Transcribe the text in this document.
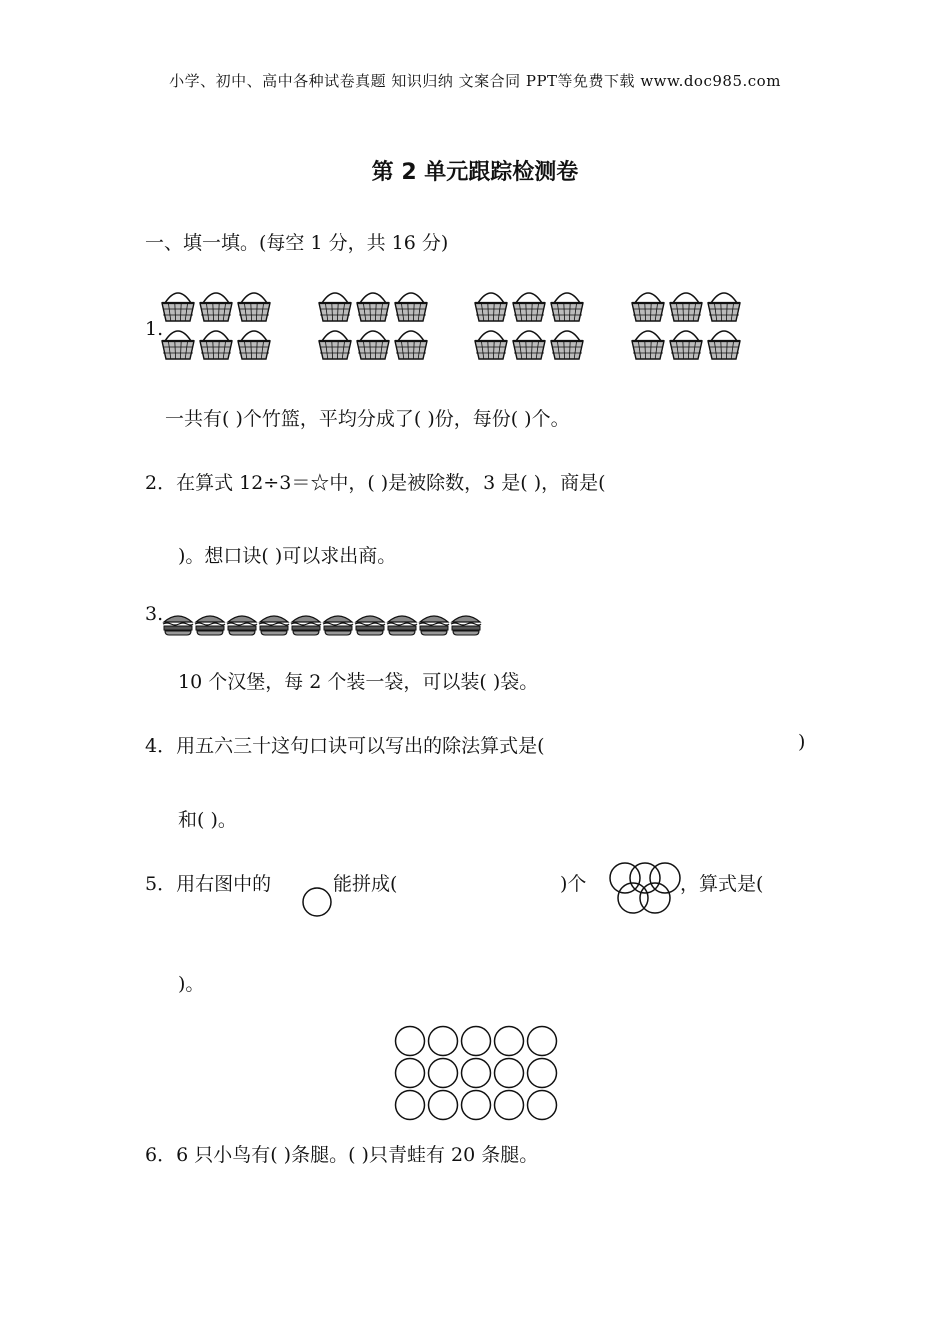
小学、初中、高中各种试卷真题 知识归纳 文案合同 PPT等免费下载 www.doc985.com
第 2 单元跟踪检测卷
一、填一填。(每空 1 分，共 16 分)
1.
一共有( )个竹篮，平均分成了( )份，每份( )个。
2．在算式 12÷3＝☆中，( )是被除数，3 是( )，商是(
)。想口诀( )可以求出商。
3.
10 个汉堡，每 2 个装一袋，可以装( )袋。
4．用五六三十这句口诀可以写出的除法算式是(	)
和( )。
5．用右图中的	能拼成(	)个	，算式是(
)。
6．6 只小鸟有( )条腿。( )只青蛙有 20 条腿。
